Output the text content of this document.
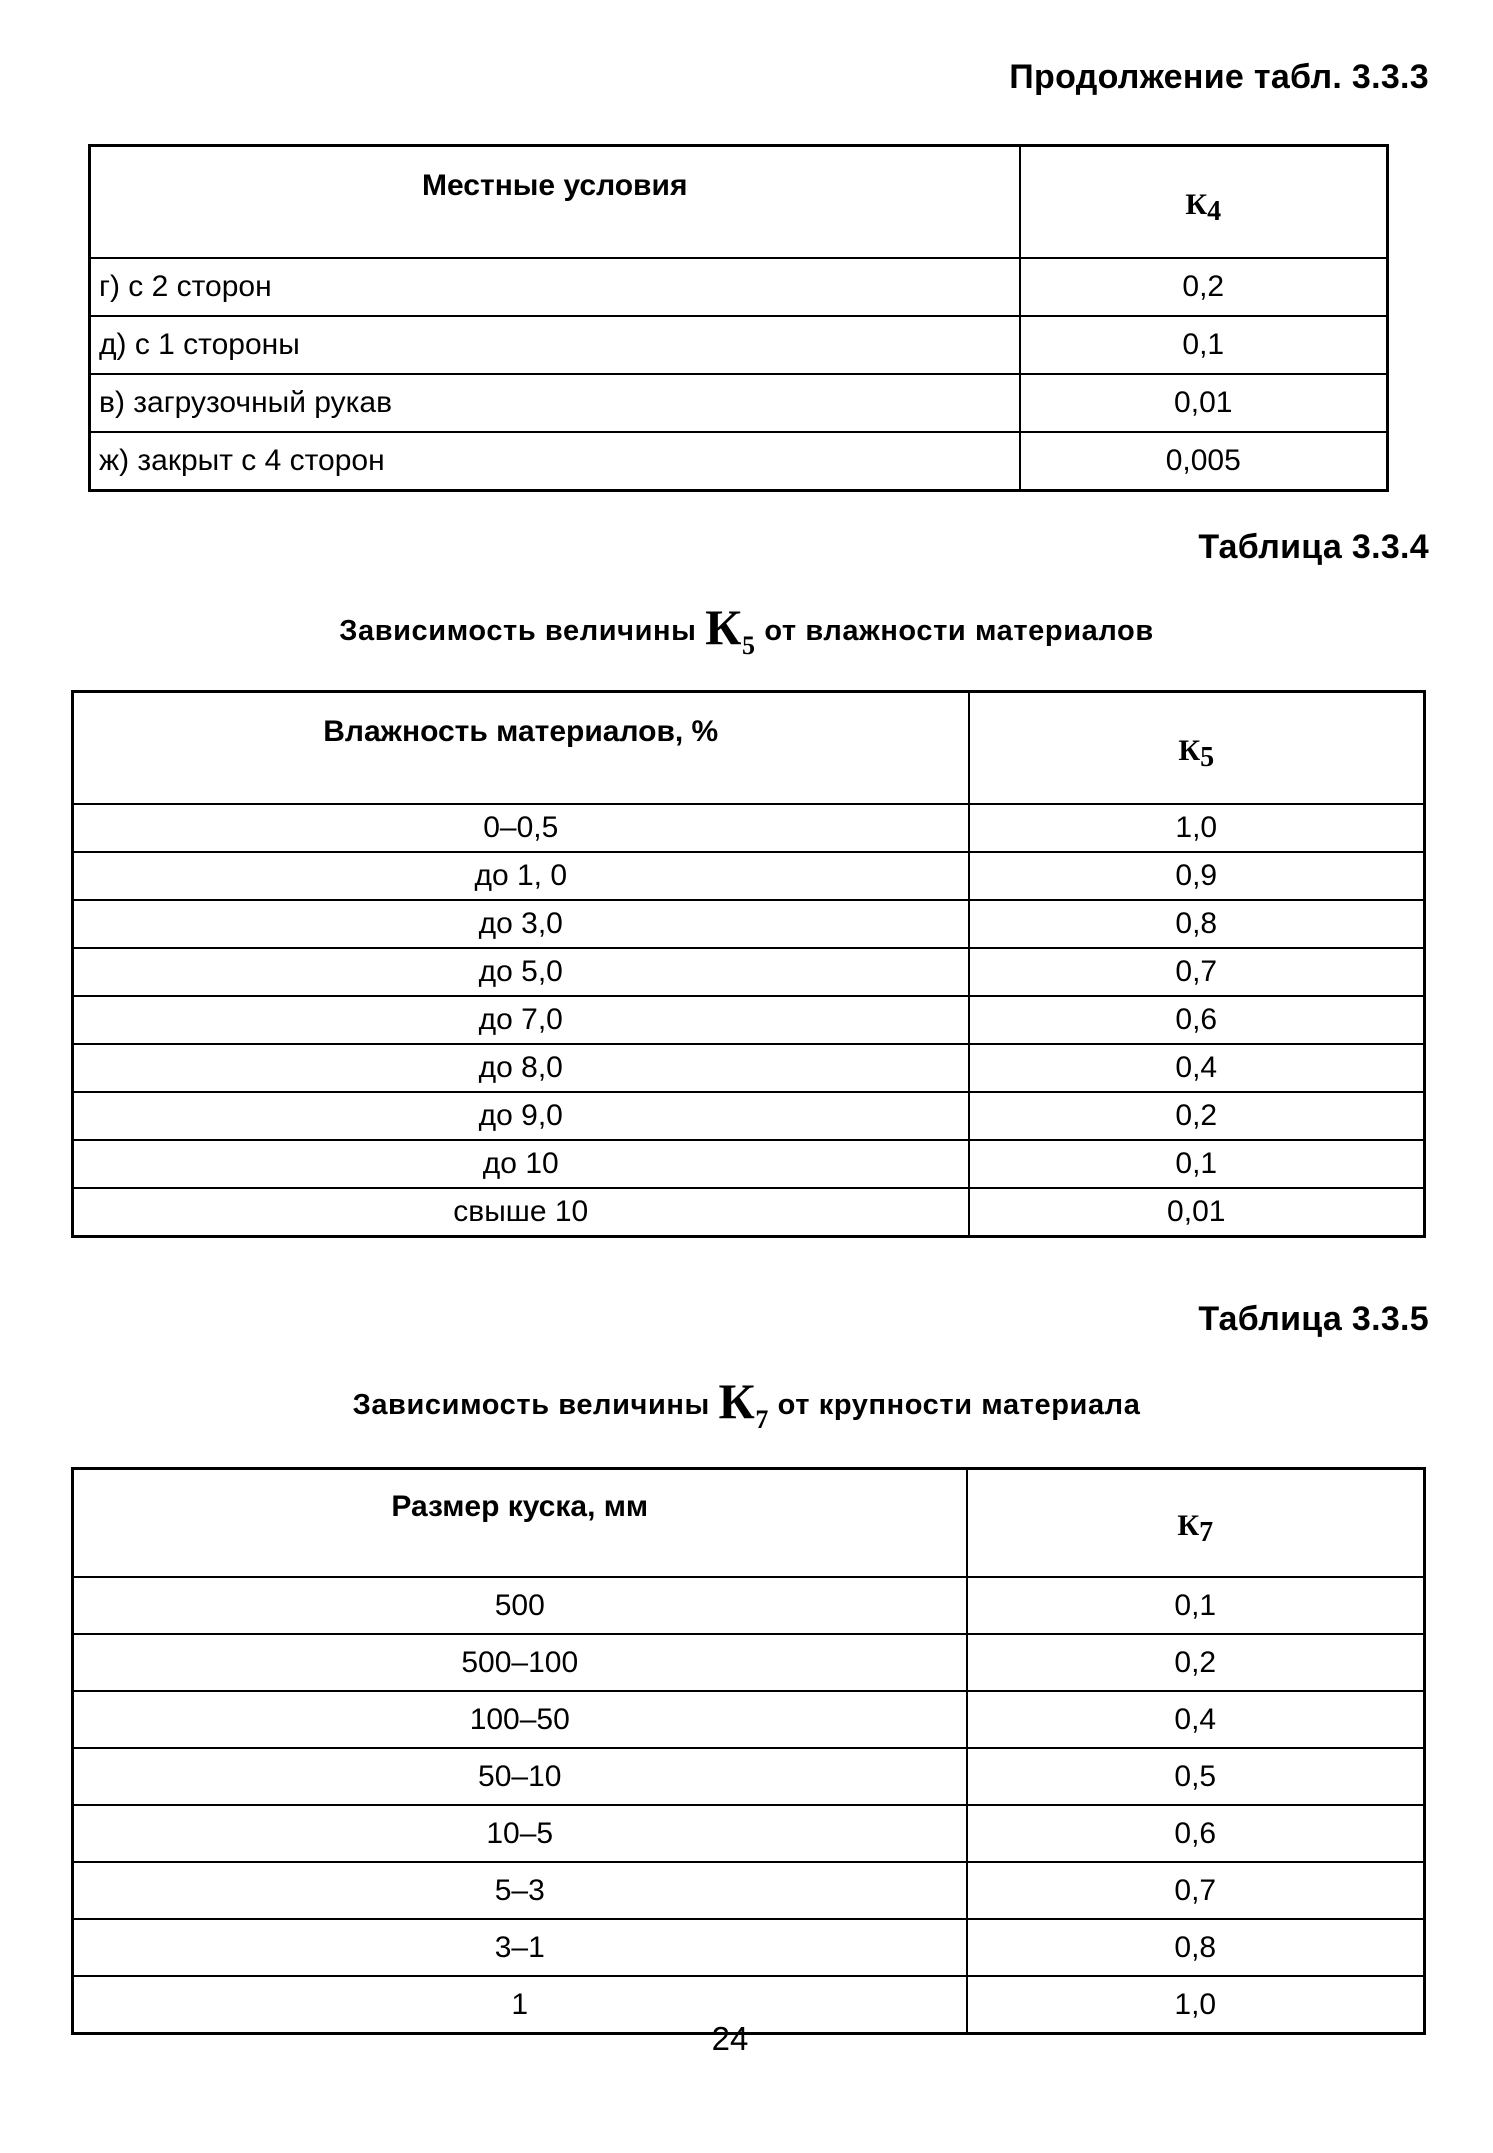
Продолжение табл. 3.3.3
Местные условия	$К_4$
г) с 2 сторон	0,2
д) с 1 стороны	0,1
в) загрузочный рукав	0,01
ж) закрыт с 4 сторон	0,005
Таблица 3.3.4
Зависимость величины $К_5$ от влажности материалов
Влажность материалов, %	$К_5$
0–0,5	1,0
до 1, 0	0,9
до 3,0	0,8
до 5,0	0,7
до 7,0	0,6
до 8,0	0,4
до 9,0	0,2
до 10	0,1
свыше 10	0,01
Таблица 3.3.5
Зависимость величины $К_7$ от крупности материала
Размер куска, мм	$К_7$
500	0,1
500–100	0,2
100–50	0,4
50–10	0,5
10–5	0,6
5–3	0,7
3–1	0,8
1	1,0
24
